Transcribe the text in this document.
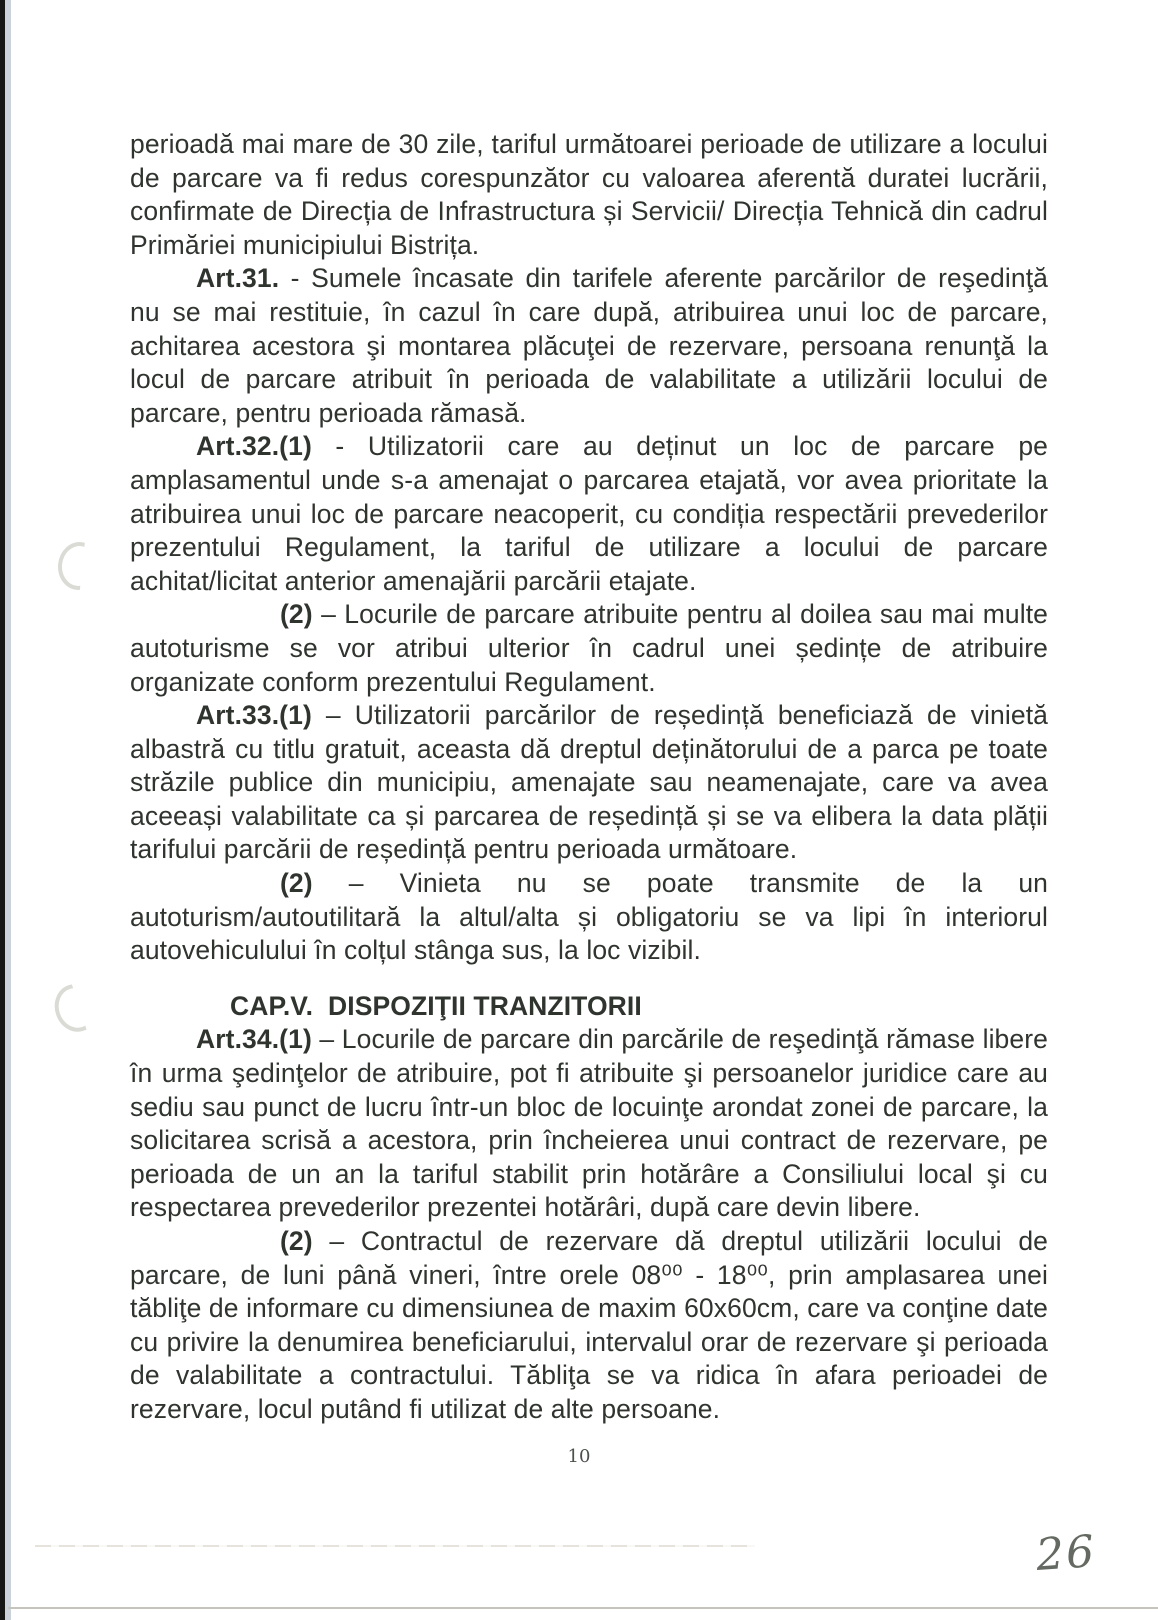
perioadă mai mare de 30 zile, tariful următoarei perioade de utilizare a locului de parcare va fi redus corespunzător cu valoarea aferentă duratei lucrării, confirmate de Direcția de Infrastructura și Servicii/ Direcția Tehnică din cadrul Primăriei municipiului Bistrița.

Art.31. - Sumele încasate din tarifele aferente parcărilor de reşedinţă nu se mai restituie, în cazul în care după, atribuirea unui loc de parcare, achitarea acestora şi montarea plăcuţei de rezervare, persoana renunţă la locul de parcare atribuit în perioada de valabilitate a utilizării locului de parcare, pentru perioada rămasă.

Art.32.(1) - Utilizatorii care au deținut un loc de parcare pe amplasamentul unde s-a amenajat o parcarea etajată, vor avea prioritate la atribuirea unui loc de parcare neacoperit, cu condiția respectării prevederilor prezentului Regulament, la tariful de utilizare a locului de parcare achitat/licitat anterior amenajării parcării etajate.

(2) – Locurile de parcare atribuite pentru al doilea sau mai multe autoturisme se vor atribui ulterior în cadrul unei ședințe de atribuire organizate conform prezentului Regulament.

Art.33.(1) – Utilizatorii parcărilor de reședință beneficiază de vinietă albastră cu titlu gratuit, aceasta dă dreptul deținătorului de a parca pe toate străzile publice din municipiu, amenajate sau neamenajate, care va avea aceeași valabilitate ca și parcarea de reședință și se va elibera la data plății tarifului parcării de reședință pentru perioada următoare.

(2) – Vinieta nu se poate transmite de la un autoturism/autoutilitară la altul/alta și obligatoriu se va lipi în interiorul autovehiculului în colțul stânga sus, la loc vizibil.

CAP.V.  DISPOZIŢII TRANZITORII

Art.34.(1) – Locurile de parcare din parcările de reşedinţă rămase libere în urma şedinţelor de atribuire, pot fi atribuite şi persoanelor juridice care au sediu sau punct de lucru într-un bloc de locuinţe arondat zonei de parcare, la solicitarea scrisă a acestora, prin încheierea unui contract de rezervare, pe perioada de un an la tariful stabilit prin hotărâre a Consiliului local şi cu respectarea prevederilor prezentei hotărâri, după care devin libere.

(2) – Contractul de rezervare dă dreptul utilizării locului de parcare, de luni până vineri, între orele 08⁰⁰ - 18⁰⁰, prin amplasarea unei tăbliţe de informare cu dimensiunea de maxim 60x60cm, care va conţine date cu privire la denumirea beneficiarului, intervalul orar de rezervare şi perioada de valabilitate a contractului. Tăbliţa se va ridica în afara perioadei de rezervare, locul putând fi utilizat de alte persoane.

10
26
